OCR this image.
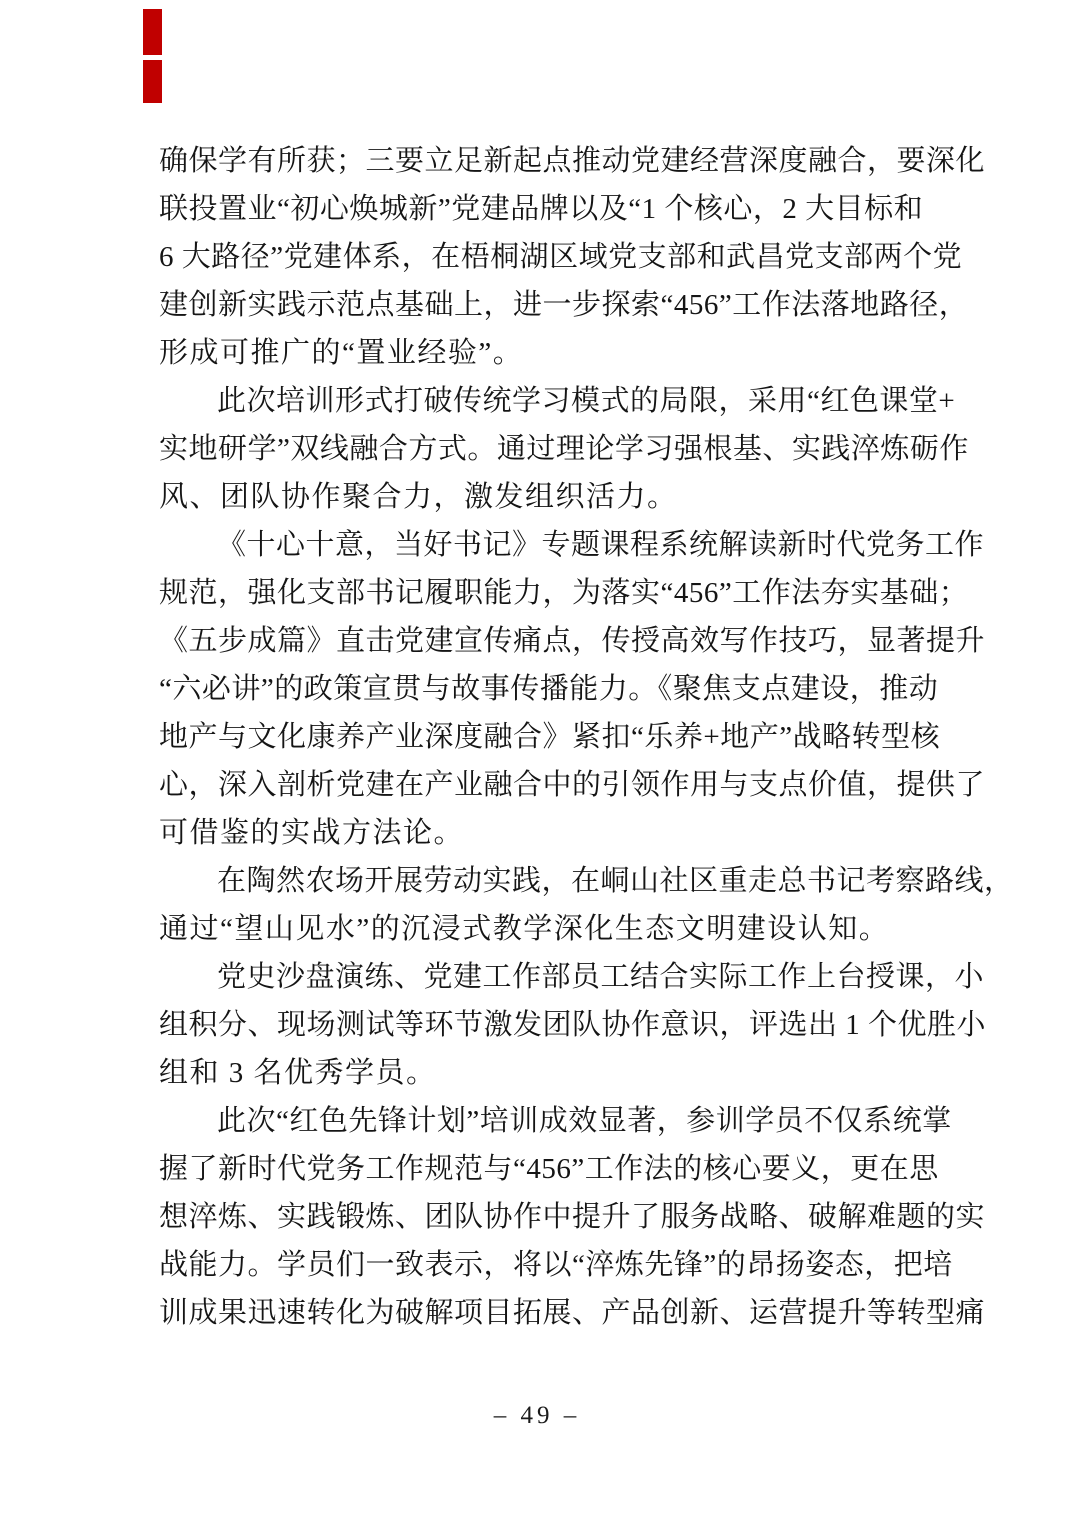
确保学有所获；三要立足新起点推动党建经营深度融合，要深化
联投置业“初心焕城新”党建品牌以及“1 个核心，2 大目标和
6 大路径”党建体系，在梧桐湖区域党支部和武昌党支部两个党
建创新实践示范点基础上，进一步探索“456”工作法落地路径，
形成可推广的“置业经验”。
此次培训形式打破传统学习模式的局限，采用“红色课堂+
实地研学”双线融合方式。通过理论学习强根基、实践淬炼砺作
风、团队协作聚合力，激发组织活力。
《十心十意，当好书记》专题课程系统解读新时代党务工作
规范，强化支部书记履职能力，为落实“456”工作法夯实基础；
《五步成篇》直击党建宣传痛点，传授高效写作技巧，显著提升
“六必讲”的政策宣贯与故事传播能力。《聚焦支点建设，推动
地产与文化康养产业深度融合》紧扣“乐养+地产”战略转型核
心，深入剖析党建在产业融合中的引领作用与支点价值，提供了
可借鉴的实战方法论。
在陶然农场开展劳动实践，在峒山社区重走总书记考察路线，
通过“望山见水”的沉浸式教学深化生态文明建设认知。
党史沙盘演练、党建工作部员工结合实际工作上台授课，小
组积分、现场测试等环节激发团队协作意识，评选出 1 个优胜小
组和 3 名优秀学员。
此次“红色先锋计划”培训成效显著，参训学员不仅系统掌
握了新时代党务工作规范与“456”工作法的核心要义，更在思
想淬炼、实践锻炼、团队协作中提升了服务战略、破解难题的实
战能力。学员们一致表示，将以“淬炼先锋”的昂扬姿态，把培
训成果迅速转化为破解项目拓展、产品创新、运营提升等转型痛
– 49 –
